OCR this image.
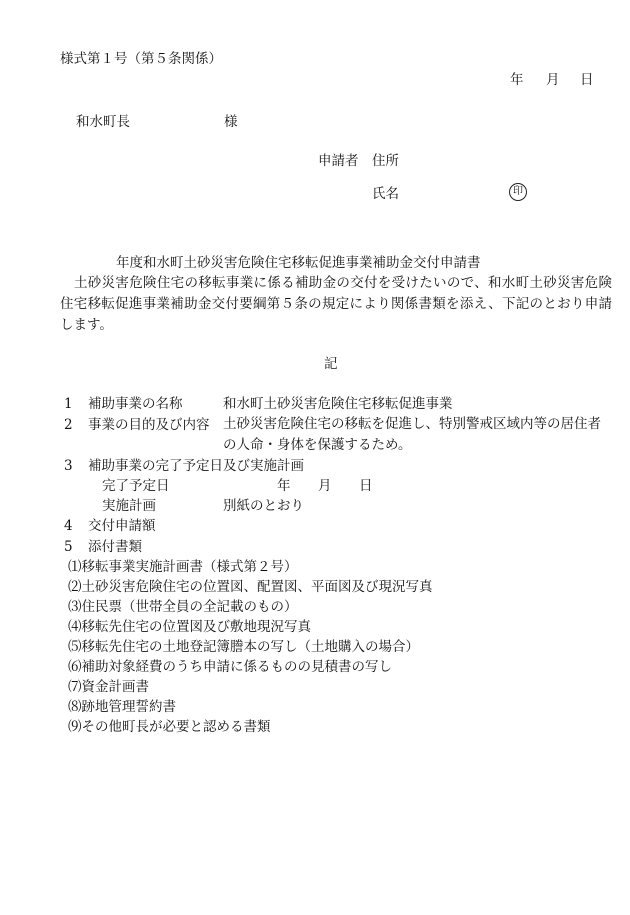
様式第１号（第５条関係）
年 月 日
和水町長	様
申請者 住所
氏名	印
年度和水町土砂災害危険住宅移転促進事業補助金交付申請書
土砂災害危険住宅の移転事業に係る補助金の交付を受けたいので、和水町土砂災害危険住宅移転促進事業補助金交付要綱第５条の規定により関係書類を添え、下記のとおり申請します。
記
1 補助事業の名称	和水町土砂災害危険住宅移転促進事業
2 事業の目的及び内容 土砂災害危険住宅の移転を促進し、特別警戒区域内等の居住者の人命・身体を保護するため。
3 補助事業の完了予定日及び実施計画
完了予定日	年 月 日
実施計画	別紙のとおり
4 交付申請額
5 添付書類
⑴移転事業実施計画書（様式第２号）
⑵土砂災害危険住宅の位置図、配置図、平面図及び現況写真
⑶住民票（世帯全員の全記載のもの）
⑷移転先住宅の位置図及び敷地現況写真
⑸移転先住宅の土地登記簿謄本の写し（土地購入の場合）
⑹補助対象経費のうち申請に係るものの見積書の写し
⑺資金計画書
⑻跡地管理誓約書
⑼その他町長が必要と認める書類
